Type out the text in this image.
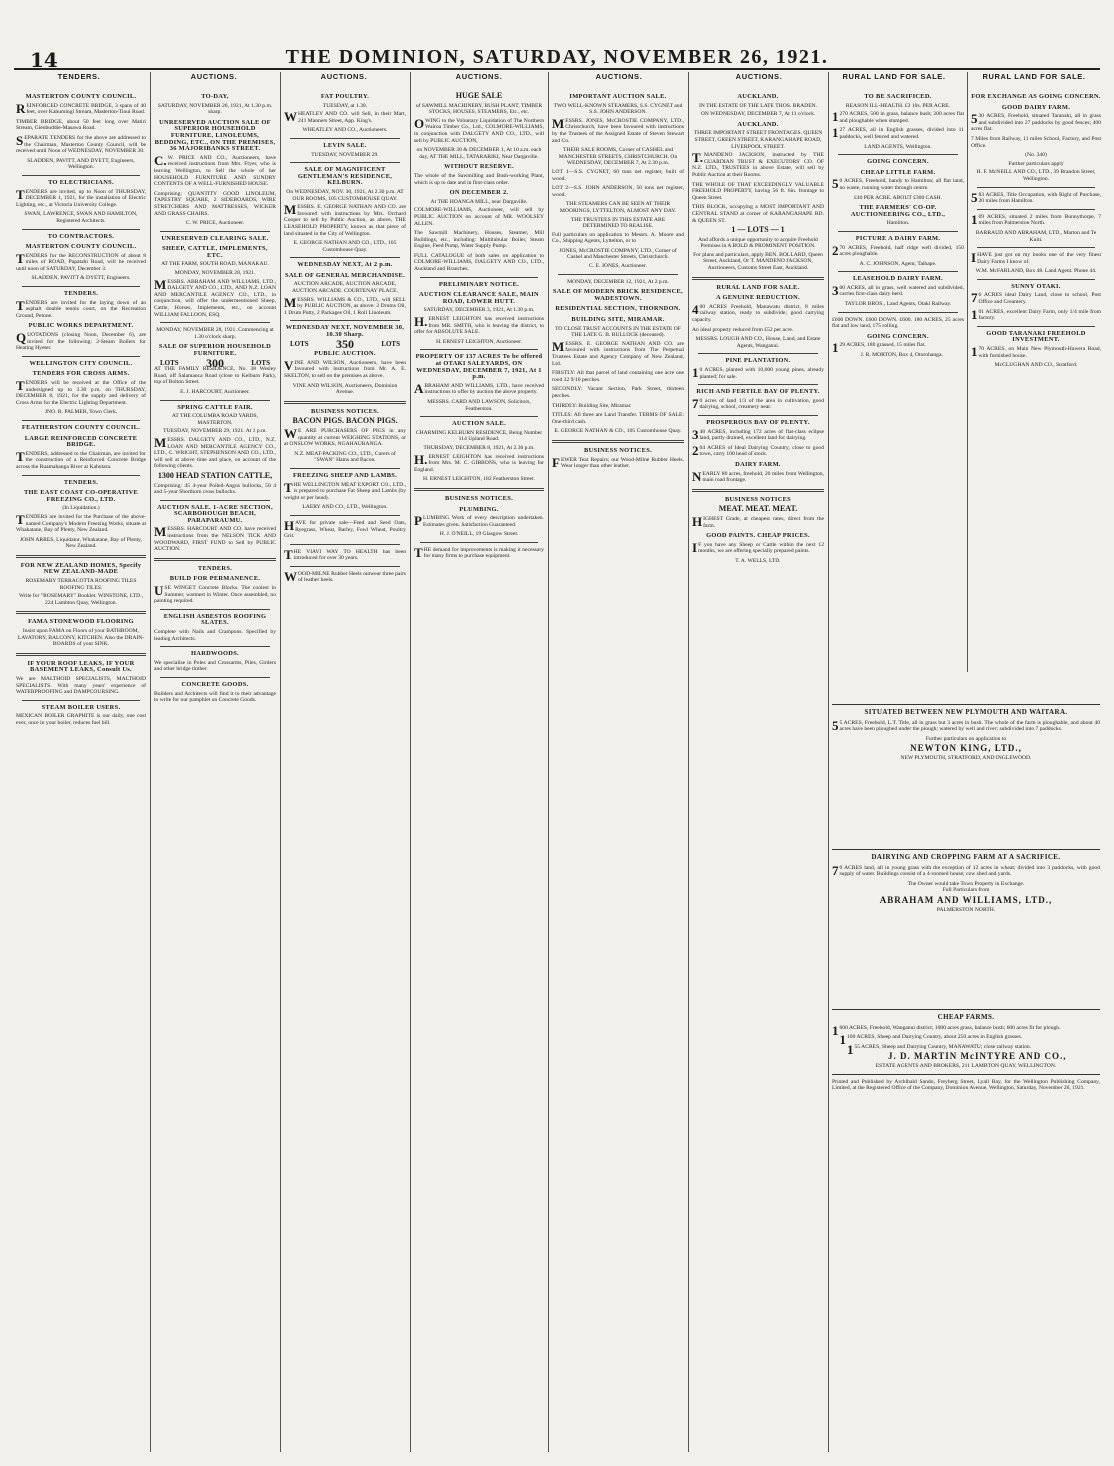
14	THE DOMINION, SATURDAY, NOVEMBER 26, 1921.
TENDERS.	AUCTIONS.	AUCTIONS.	AUCTIONS.	AUCTIONS.	AUCTIONS.	RURAL LAND FOR SALE.	RURAL LAND FOR SALE.
MASTERTON COUNTY COUNCIL.

REINFORCED CONCRETE BRIDGE, 3 spans of 40 feet, over Kahumingi Stream, Masterton-Tinui Road.

TIMBER BRIDGE, about 50 feet long over Matiri Stream, Glenbuddie-Masawa Road.

SEPARATE TENDERS for the above are addressed to the Chairman, Masterton County Council, will be received until Noon of WEDNESDAY, NOVEMBER 30.

SLADDEN, PAVITT, AND DYETT, Engineers, Wellington.
TO ELECTRICIANS.

TENDERS are invited, up to Noon of THURSDAY, DECEMBER 1, 1921, for the installation of Electric Lighting, etc., at Victoria University College.

SWAN, LAWRENCE, SWAN AND HAMILTON, Registered Architects.
TO CONTRACTORS.
MASTERTON COUNTY COUNCIL.

TENDERS for the RECONSTRUCTION of about 8 miles of ROAD, Papatahi Road, will be received until noon of SATURDAY, December 3.

SLADDEN, PAVITT & DYETT, Engineers.
TENDERS.

TENDERS are invited for the laying down of an asphalt double tennis court, on the Recreation Ground, Petone.

PUBLIC WORKS DEPARTMENT.

QUOTATIONS (closing Noon, December 6), are invited for the following: 2-Steam Boilers for Heating Hyeter.

WELLINGTON CITY COUNCIL.
TENDERS FOR CROSS ARMS.

TENDERS will be received at the Office of the undersigned up to 3.30 p.m. on THURSDAY, DECEMBER 8, 1921, for the supply and delivery of Cross Arms for the Electric Lighting Department.

JNO. R. PALMER, Town Clerk.
FEATHERSTON COUNTY COUNCIL.
LARGE REINFORCED CONCRETE BRIDGE.

TENDERS, addressed to the Chairman, are invited for the construction of a Reinforced Concrete Bridge across the Ruamahanga River at Kahutara.

TENDERS.
THE EAST COAST CO-OPERATIVE FREEZING CO., LTD.
(In Liquidation.)

TENDERS are invited for the Purchase of the above-named Company's Modern Freezing Works, situate at Whakatane, Bay of Plenty, New Zealand.

JOHN ARRES, Liquidator, Whakatane, Bay of Plenty, New Zealand.
FOR NEW ZEALAND HOMES, Specify NEW ZEALAND-MADE
ROSEMARY TERRACOTTA ROOFING TILES ROOFING TILES.
Write for "ROSEMARY" Booklet. WINSTONE, LTD., 224 Lambton Quay, Wellington.
FAMA STONEWOOD FLOORING
Insist upon FAMA on Floors of your BATHROOM, LAVATORY, BALCONY, KITCHEN. Also the DRAIN-BOARDS of your SINK.
IF YOUR ROOF LEAKS, IF YOUR BASEMENT LEAKS, Consult Us.

We are MALTHOID SPECIALISTS, MALTHOID SPECIALISTS. With many years' experience of WATERPROOFING and DAMPCOURSING.

STEAM BOILER USERS.

MEXICAN BOILER GRAPHITE is our daily, one cost ever, once in your boiler, reduces fuel bill.

TO-DAY,
SATURDAY, NOVEMBER 26, 1921, At 1.30 p.m. sharp.
UNRESERVED AUCTION SALE OF SUPERIOR HOUSEHOLD FURNITURE, LINOLEUMS, BEDDING, ETC., ON THE PREMISES, 36 MAJORIBANKS STREET.

C.W. PRICE AND CO., Auctioneers, have received instructions from Mrs. Fryer, who is leaving Wellington, to Sell the whole of her HOUSEHOLD FURNITURE AND SUNDRY CONTENTS OF A WELL-FURNISHED HOUSE.

Comprising: QUANTITY GOOD LINOLEUM, TAPESTRY SQUARE, 2 SIDEBOARDS, WIRE STRETCHERS AND MATTRESSES, WICKER AND GRASS CHAIRS.

C. W. PRICE, Auctioneer.
UNRESERVED CLEARING SALE.
SHEEP, CATTLE, IMPLEMENTS, ETC.
AT THE FARM, SOUTH ROAD, MANAKAU.
MONDAY, NOVEMBER 28, 1921.

MESSRS. ABRAHAM AND WILLIAMS, LTD., DALGETY AND CO., LTD., AND N.Z. LOAN AND MERCANTILE AGENCY CO., LTD., in conjunction, will offer the undermentioned Sheep, Cattle, Horses, Implements, etc., on account WILLIAM FALLOON, ESQ.

MONDAY, NOVEMBER 28, 1921. Commencing at 1.30 o'clock sharp.
SALE OF SUPERIOR HOUSEHOLD FURNITURE.
LOTS 300	LOTS

AT THE FAMILY RESIDENCE, No. 38 Wesley Road, off Salamanca Road (close to Kelburn Park), top of Bolton Street.

E. J. HARCOURT, Auctioneer.
SPRING CATTLE FAIR.
AT THE COLUMBA ROAD YARDS, MASTERTON.
TUESDAY, NOVEMBER 29, 1921. At 1 p.m.

MESSRS. DALGETY AND CO., LTD., N.Z. LOAN AND MERCANTILE AGENCY CO., LTD., C. WRIGHT, STEPHENSON AND CO., LTD., will sell at above time and place, on account of the following clients.

1300 HEAD STATION CATTLE,

Comprising: 45 4-year Polled-Angus bullocks, 50 4 and 5-year Shorthorn cross bullocks.

AUCTION SALE. 1-ACRE SECTION, SCARBOROUGH BEACH, PARAPARAUMU.

MESSRS. HARCOURT AND CO. have received instructions from the NELSON TICK AND WOODWARD, FIRST FUND to Sell by PUBLIC AUCTION.

TENDERS.
BUILD FOR PERMANENCE.

USE WINGET Concrete Blocks. The coolest in Summer, warmest in Winter. Once assembled, no painting required.

ENGLISH ASBESTOS ROOFING SLATES.

Complete with Nails and Crampons. Specified by leading Architects.

HARDWOODS.

We specialise in Poles and Crossarms, Piles, Girders and other bridge timber.

CONCRETE GOODS.

Builders and Architects will find it to their advantage to write for our pamphlet on Concrete Goods.

FAT POULTRY.
TUESDAY, at 1.30.

WHEATLEY AND CO. will Sell, in their Mart, 241 Manners Street, App. King's.

WHEATLEY AND CO., Auctioneers.
LEVIN SALE.
TUESDAY, NOVEMBER 29.
SALE OF MAGNIFICENT GENTLEMAN'S RESIDENCE, KELBURN.
On WEDNESDAY, NOV. 30, 1921, At 2.30 p.m. AT OUR ROOMS, 105 CUSTOMHOUSE QUAY.

MESSRS. E. GEORGE NATHAN AND CO. are favoured with instructions by Mrs. Orchard Cooper to sell by Public Auction, as above, THE LEASEHOLD PROPERTY, known as that piece of land situated in the City of Wellington.

E. GEORGE NATHAN AND CO., LTD., 105 Customhouse Quay.
WEDNESDAY NEXT, At 2 p.m.
SALE OF GENERAL MERCHANDISE.
AUCTION ARCADE, AUCTION ARCADE, AUCTION ARCADE. COURTENAY PLACE.

MESSRS. WILLIAMS & CO., LTD., will SELL by PUBLIC AUCTION, as above: 2 Drums Oil, 1 Drum Putty, 2 Packages Oil, 1 Roll Linoleum.

WEDNESDAY NEXT, NOVEMBER 30, 10.30 Sharp.
LOTS 350	LOTS
PUBLIC AUCTION.

VINE AND WILSON, Auctioneers, have been favoured with instructions from Mr. A. E. SKELTON, to sell on the premises as above.

VINE AND WILSON, Auctioneers, Dominion Avenue.
BUSINESS NOTICES.
BACON PIGS. BACON PIGS.

WE ARE PURCHASERS OF PIGS in any quantity at current WEIGHING STATIONS, or at ONSLOW WORKS, NGAHAURANGA.

N.Z. MEAT-PACKING CO., LTD., Curers of "SWAN" Hams and Bacon.
FREEZING SHEEP AND LAMBS.

THE WELLINGTON MEAT EXPORT CO., LTD., is prepared to purchase Fat Sheep and Lambs (by weight or per head).

LAERY AND CO., LTD., Wellington.

HAVE for private sale—Feed and Seed Oats, Ryegrass, Wheat, Barley, Fowl Wheat, Poultry Grit.

THE VIAVI WAY TO HEALTH has been introduced for over 30 years.

WOOD-MILNE Rubber Heels outwear three pairs of leather heels.

HUGE SALE
of SAWMILL MACHINERY, BUSH PLANT, TIMBER STOCKS, HOUSES, STEAMERS, Etc., etc.

OWING to the Voluntary Liquidation of The Northern Wairoa Timber Co., Ltd., COLMORE-WILLIAMS, in conjunction with DALGETY AND CO., LTD., will sell by PUBLIC AUCTION,

on NOVEMBER 30 & DECEMBER 1, At 10 a.m. each day, AT THE MILL, TATARARIKI, Near Dargaville.
WITHOUT RESERVE.

The whole of the Sawmilling and Bush-working Plant, which is up to date and in first-class order.

ON DECEMBER 2.
At THE HOANGA MILL, near Dargaville.

COLMORE-WILLIAMS, Auctioneer, will sell by PUBLIC AUCTION on account of MR. WOOLSEY ALLEN.

The Sawmill Machinery, Houses, Steamer, Mill Buildings, etc., including: Multitubular Boiler, Steam Engine, Feed Pump, Water Supply Pump.

FULL CATALOGUE of both sales on application to COLMORE-WILLIAMS, DALGETY AND CO., LTD., Auckland and Branches.

PRELIMINARY NOTICE.
AUCTION CLEARANCE SALE, MAIN ROAD, LOWER HUTT.
SATURDAY, DECEMBER 3, 1921, At 1.30 p.m.

H.ERNEST LEIGHTON has received instructions from MR. SMITH, who is leaving the district, to offer for ABSOLUTE SALE.

H. ERNEST LEIGHTON, Auctioneer.
PROPERTY OF 137 ACRES To be offered at OTAKI SALEYARDS, ON WEDNESDAY, DECEMBER 7, 1921, At 1 p.m.

ABRAHAM AND WILLIAMS, LTD., have received instructions to offer by auction the above property.

MESSRS. CARD AND LAWSON, Solicitors, Featherston.
AUCTION SALE.
CHARMING KELBURN RESIDENCE, Being Number 114 Upland Road.
THURSDAY, DECEMBER 8, 1921, At 2.30 p.m.

H.ERNEST LEIGHTON has received instructions from Mrs. M. C. GIBBONS, who is leaving for England.

H. ERNEST LEIGHTON, 182 Featherston Street.
BUSINESS NOTICES.
PLUMBING.

PLUMBING Work of every description undertaken. Estimates given. Satisfaction Guaranteed.

H. J. O'NEILL, 19 Glasgow Street.

THE demand for improvements is making it necessary for many firms to purchase equipment.

IMPORTANT AUCTION SALE.
TWO WELL-KNOWN STEAMERS, S.S. CYGNET and S.S. JOHN ANDERSON.

MESSRS. JONES, McCROSTIE COMPANY, LTD., Christchurch, have been favoured with instructions by the Trustees of the Assigned Estate of Steven Stewart and Co.

THEIR SALE ROOMS, Corner of CASHEL and MANCHESTER STREETS, CHRISTCHURCH. On WEDNESDAY, DECEMBER 7, At 2.30 p.m.

LOT 1—S.S. CYGNET, 60 tons net register, built of wood.

LOT 2—S.S. JOHN ANDERSON, 50 tons net register, wood.

THE STEAMERS CAN BE SEEN AT THEIR MOORINGS, LYTTELTON, ALMOST ANY DAY.
THE TRUSTEES IN THIS ESTATE ARE DETERMINED TO REALISE.

Full particulars on application to Messrs. A. Moore and Co., Shipping Agents, Lyttelton, or to

JONES, McCROSTIE COMPANY, LTD., Corner of Cashel and Manchester Streets, Christchurch.
C. E. JONES, Auctioneer.
MONDAY, DECEMBER 12, 1921, At 2 p.m.
SALE OF MODERN BRICK RESIDENCE, WADESTOWN.
RESIDENTIAL SECTION, THORNDON.
BUILDING SITE, MIRAMAR.
TO CLOSE TRUST ACCOUNTS IN THE ESTATE OF THE LATE G. B. BULLOCK (deceased).

MESSRS. E. GEORGE NATHAN AND CO. are favoured with instructions from The Perpetual Trustees Estate and Agency Company of New Zealand, Ltd.

FIRSTLY: All that parcel of land containing one acre one rood 32 9/10 perches.

SECONDLY: Vacant Section, Park Street, thirteen perches.

THIRDLY: Building Site, Miramar.

TITLES: All three are Land Transfer. TERMS OF SALE: One-third cash.

E. GEORGE NATHAN & CO., 105 Customhouse Quay.
BUSINESS NOTICES.

FEWER Tear Repairs; our Wood-Milne Rubber Heels. Wear longer than other leather.

AUCKLAND.
IN THE ESTATE OF THE LATE THOS. BRADEN.
ON WEDNESDAY, DECEMBER 7, At 11 o'clock.
AUCKLAND.
THREE IMPORTANT STREET FRONTAGES. QUEEN STREET, GREEN STREET, KARANGAHAPE ROAD, LIVERPOOL STREET.

T.MANDENO JACKSON, instructed by THE GUARDIAN TRUST & EXECUTORS' CO. OF N.Z. LTD., TRUSTEES in above Estate, will sell by Public Auction at their Rooms.

THE WHOLE OF THAT EXCEEDINGLY VALUABLE FREEHOLD PROPERTY, having 56 ft. 6in. frontage to Queen Street.

THIS BLOCK, occupying a MOST IMPORTANT AND CENTRAL STAND at corner of KARANGAHAPE RD. & QUEEN ST.

1 — LOTS — 1
And affords a unique opportunity to acquire Freehold Premises in A BOLD & PROMINENT POSITION.
For plans and particulars, apply BEN. BOLLARD, Queen Street, Auckland, Or T. MANDENO JACKSON, Auctioneers, Customs Street East, Auckland.
RURAL LAND FOR SALE.
A GENUINE REDUCTION.

400 ACRES Freehold, Manawatu district, 8 miles railway station, ready to subdivide; good carrying capacity.

An ideal property reduced from £52 per acre.

MESSRS. LOUGH AND CO., House, Land, and Estate Agents, Wanganui.
PINE PLANTATION.

10 ACRES, planted with 10,000 young pines, already planted; for sale.

RICH AND FERTILE BAY OF PLENTY.

70 acres of land 1/3 of the area in cultivation, good dairying, school, creamery near.

PROSPEROUS BAY OF PLENTY.

348 ACRES, including 172 acres of flat-class eclipse land, partly drained, excellent land for dairying.

204 ACRES of Ideal Dairying Country, close to good town, carry 100 head of stock.

DAIRY FARM.

NEARLY 80 acres, freehold, 20 miles from Wellington, main road frontage.

BUSINESS NOTICES
MEAT. MEAT. MEAT.

HIGHEST Grade, at cheapest rates, direct from the farm.

GOOD PAINTS. CHEAP PRICES.

IF you have any Sheep or Cattle within the next 12 months, we are offering specially prepared paints.

T. A. WELLS, LTD.
TO BE SACRIFICED.
REASON ILL-HEALTH. £3 10s. PER ACRE.

1270 ACRES, 500 in grass, balance bush; 200 acres flat and ploughable when stumped.

127 ACRES, all in English grasses, divided into 11 paddocks, well fenced and watered.

LAND AGENTS, Wellington.
GOING CONCERN.
CHEAP LITTLE FARM.

50 ACRES, Freehold, handy to Hamilton; all flat land, no waste, running water through centre.

£40 PER ACRE. ABOUT £300 CASH.
THE FARMERS' CO-OP. AUCTIONEERING CO., LTD.,
Hamilton.
PICTURE A DAIRY FARM.

270 ACRES, Freehold, half ridge well divided, 150 acres ploughable.

A. C. JOHNSON, Agent, Taihape.
LEASEHOLD DAIRY FARM.

300 ACRES, all in grass, well watered and subdivided, carries first-class dairy herd.

TAYLOR BROS., Land Agents, Otaki Railway.

£600 DOWN. £600 DOWN. £600. 180 ACRES, 25 acres flat and low land, 175 rolling.

GOING CONCERN.

129 ACRES, 180 grassed, 15 miles flat.

J. R. MORTON, Box 4, Otorohanga.
FOR EXCHANGE AS GOING CONCERN.
GOOD DAIRY FARM.

530 ACRES, Freehold, situated Taranaki, all in grass and subdivided into 27 paddocks by good fences; 400 acres flat.

7 Miles from Railway, 11 miles School, Factory, and Post Office.

(No. 340)
Further particulars apply
H. F. McNEILL AND CO., LTD., 39 Brandon Street, Wellington.

583 ACRES, Title Occupation, with Right of Purchase, 20 miles from Hamilton.

169 ACRES, situated 2 miles from Bunnythorpe, 7 miles from Palmerston North.

BARRAUD AND ABRAHAM, LTD., Marton and Te Kuiti.

IHAVE just got on my books one of the very finest Dairy Farms I know of.

W.M. McFARLAND, Box 48. Land Agent. Phone 44.
SUNNY OTAKI.

76 ACRES ideal Dairy Land, close to school, Post Office and Creamery.

101 ACRES, excellent Dairy Farm, only 1/4 mile from factory.

GOOD TARANAKI FREEHOLD INVESTMENT.

170 ACRES, on Main New Plymouth-Hawera Road, with furnished house.

McCLUGHAN AND CO., Stratford.
SITUATED BETWEEN NEW PLYMOUTH AND WAITARA.

55 ACRES, Freehold, L.T. Title, all in grass but 3 acres in bush. The whole of the farm is ploughable, and about 40 acres have been ploughed under the plough; watered by well and river; subdivided into 7 paddocks.

Further particulars on application to
NEWTON KING, LTD.,
NEW PLYMOUTH, STRATFORD, AND INGLEWOOD.
DAIRYING AND CROPPING FARM AT A SACRIFICE.

70 ACRES land, all in young grass with the exception of 12 acres in wheat; divided into 3 paddocks, with good supply of water. Buildings consist of a 4-roomed house; cow shed and yards.

The Owner would take Town Property in Exchange.
Full Particulars from
ABRAHAM AND WILLIAMS, LTD.,
PALMERSTON NORTH.
CHEAP FARMS.

1600 ACRES, Freehold, Wanganui district; 1000 acres grass, balance bush; 600 acres fit for plough.

1100 ACRES, Sheep and Dairying Country, about 250 acres in English grasses.

155 ACRES, Sheep and Dairying Country, MANAWATU; close railway station.

J. D. MARTIN McINTYRE AND CO.,
ESTATE AGENTS AND BROKERS, 211 LAMBTON QUAY, WELLINGTON.

Printed and Published by Archibald Sando, Freyberg Street, Lyall Bay, for the Wellington Publishing Company, Limited, at the Registered Office of the Company, Dominion Avenue, Wellington, Saturday, November 26, 1921.
